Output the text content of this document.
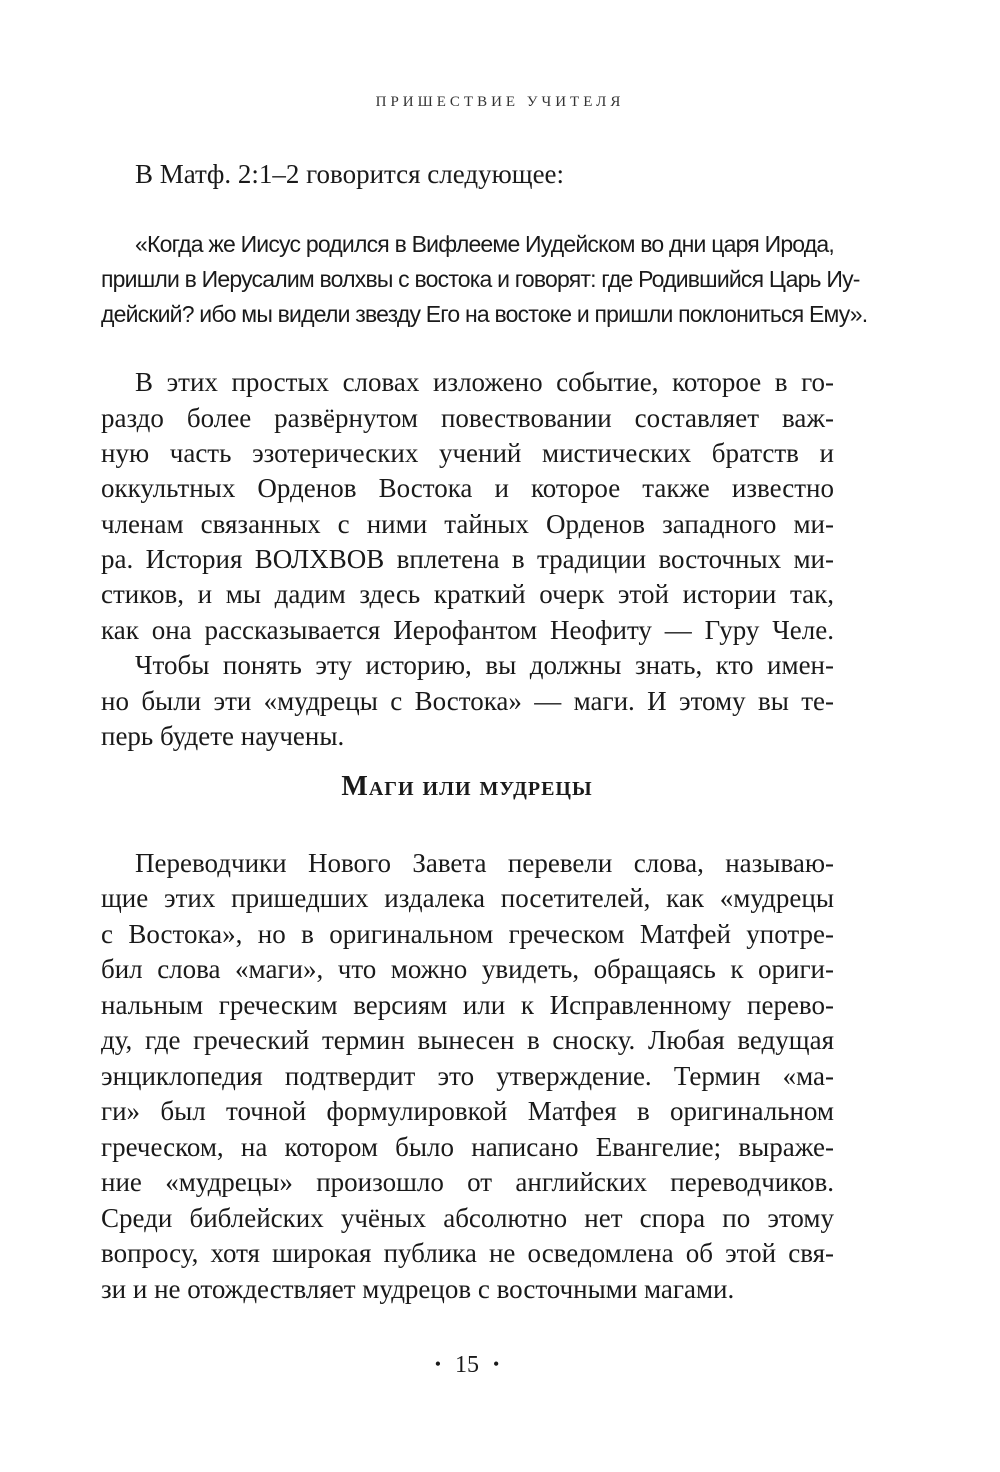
ПРИШЕСТВИЕ УЧИТЕЛЯ
В Матф. 2:1–2 говорится следующее:
«Когда же Иисус родился в Вифлееме Иудейском во дни царя Ирода,
пришли в Иерусалим волхвы с востока и говорят: где Родившийся Царь Иу-
дейский? ибо мы видели звезду Его на востоке и пришли поклониться Ему».
В этих простых словах изложено событие, которое в го-
раздо более развёрнутом повествовании составляет важ-
ную часть эзотерических учений мистических братств и
оккультных Орденов Востока и которое также известно
членам связанных с ними тайных Орденов западного ми-
ра. История ВОЛХВОВ вплетена в традиции восточных ми-
стиков, и мы дадим здесь краткий очерк этой истории так,
как она рассказывается Иерофантом Неофиту — Гуру Челе.
Чтобы понять эту историю, вы должны знать, кто имен-
но были эти «мудрецы с Востока» — маги. И этому вы те-
перь будете научены.
Маги или мудрецы
Переводчики Нового Завета перевели слова, называю-
щие этих пришедших издалека посетителей, как «мудрецы
с Востока», но в оригинальном греческом Матфей употре-
бил слова «маги», что можно увидеть, обращаясь к ориги-
нальным греческим версиям или к Исправленному перево-
ду, где греческий термин вынесен в сноску. Любая ведущая
энциклопедия подтвердит это утверждение. Термин «ма-
ги» был точной формулировкой Матфея в оригинальном
греческом, на котором было написано Евангелие; выраже-
ние «мудрецы» произошло от английских переводчиков.
Среди библейских учёных абсолютно нет спора по этому
вопросу, хотя широкая публика не осведомлена об этой свя-
зи и не отождествляет мудрецов с восточными магами.
• 15 •
